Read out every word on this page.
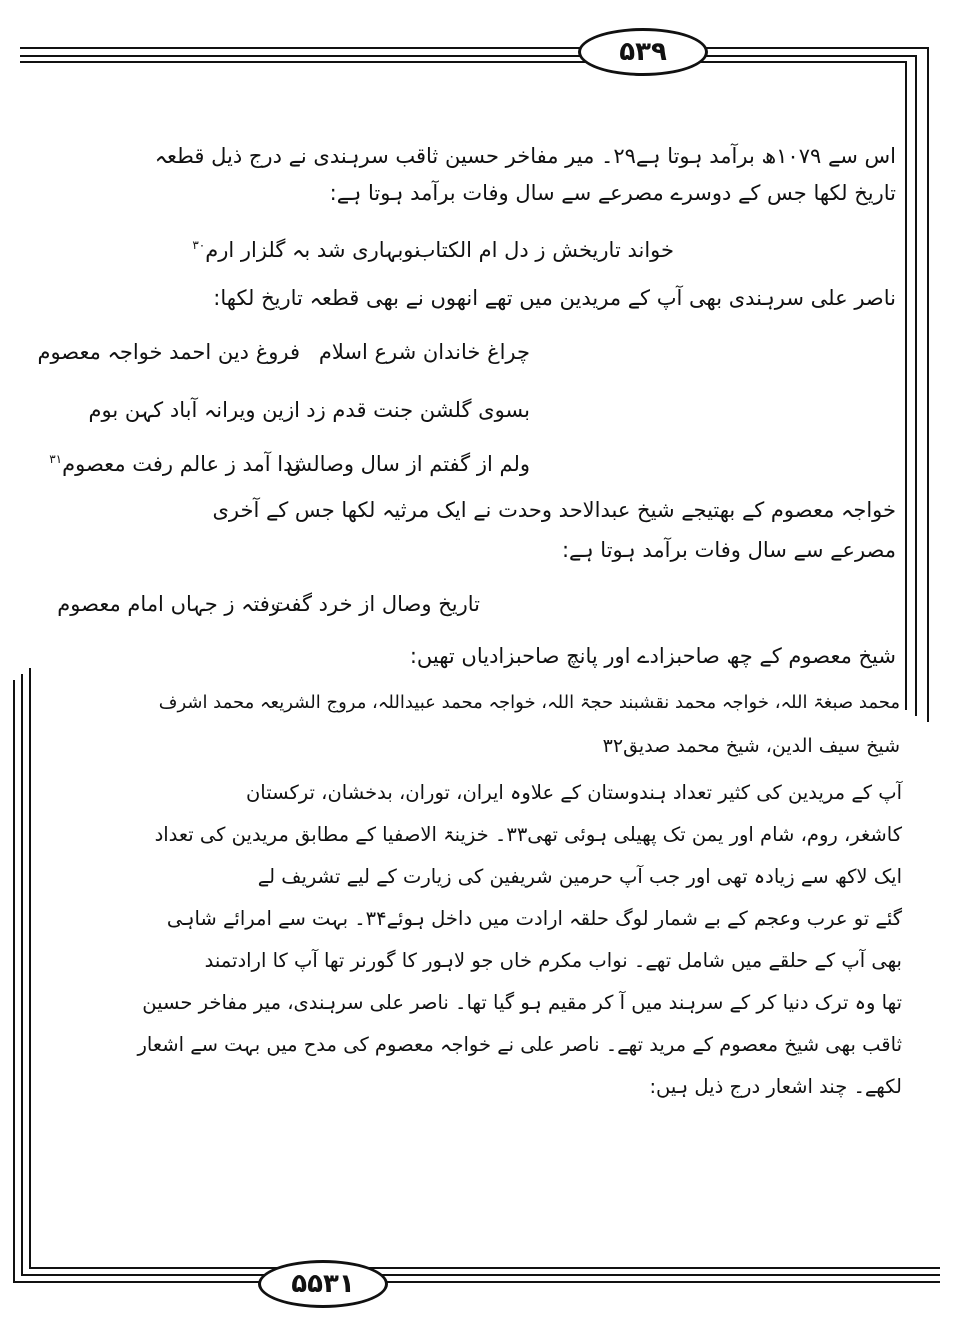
۵۳۹
۵۵۳۱
اس سے ۱۰۷۹ھ برآمد ہوتا ہے۲۹۔ میر مفاخر حسین ثاقب سرہندی نے درج ذیل قطعہ
تاریخ لکھا جس کے دوسرے مصرعے سے سال وفات برآمد ہوتا ہے:
خواند تاریخش ز دل ام الکتاب
نوبہاری شد بہ گلزار ارم$^{۳۰}$
ناصر علی سرہندی بھی آپ کے مریدین میں تھے انھوں نے بھی قطعہ تاریخ لکھا:
چراغ خاندان شرع اسلام
فروغ دین احمد خواجہ معصوم
بسوی گلشن جنت قدم زد
ازین ویرانہ آباد کہن بوم
ولم از گفتم از سال وصالش
ندا آمد ز عالم رفت معصوم$^{۳۱}$
خواجہ معصوم کے بھتیجے شیخ عبدالاحد وحدت نے ایک مرثیہ لکھا جس کے آخری
مصرعے سے سال وفات برآمد ہوتا ہے:
تاریخ وصال از خرد گفت
رفتہ ز جہاں امام معصوم
شیخ معصوم کے چھ صاحبزادے اور پانچ صاحبزادیاں تھیں:
محمد صبغۃ اللہ، خواجہ محمد نقشبند حجۃ اللہ، خواجہ محمد عبیداللہ، مروج الشریعہ محمد اشرف
شیخ سیف الدین، شیخ محمد صدیق۳۲
آپ کے مریدین کی کثیر تعداد ہندوستان کے علاوہ ایران، توران، بدخشان، ترکستان
کاشغر، روم، شام اور یمن تک پھیلی ہوئی تھی۳۳۔ خزینۃ الاصفیا کے مطابق مریدین کی تعداد
ایک لاکھ سے زیادہ تھی اور جب آپ حرمین شریفین کی زیارت کے لیے تشریف لے
گئے تو عرب وعجم کے بے شمار لوگ حلقہ ارادت میں داخل ہوئے۳۴۔ بہت سے امرائے شاہی
بھی آپ کے حلقے میں شامل تھے۔ نواب مکرم خاں جو لاہور کا گورنر تھا آپ کا ارادتمند
تھا وہ ترک دنیا کر کے سرہند میں آ کر مقیم ہو گیا تھا۔ ناصر علی سرہندی، میر مفاخر حسین
ثاقب بھی شیخ معصوم کے مرید تھے۔ ناصر علی نے خواجہ معصوم کی مدح میں بہت سے اشعار
لکھے۔ چند اشعار درج ذیل ہیں:
